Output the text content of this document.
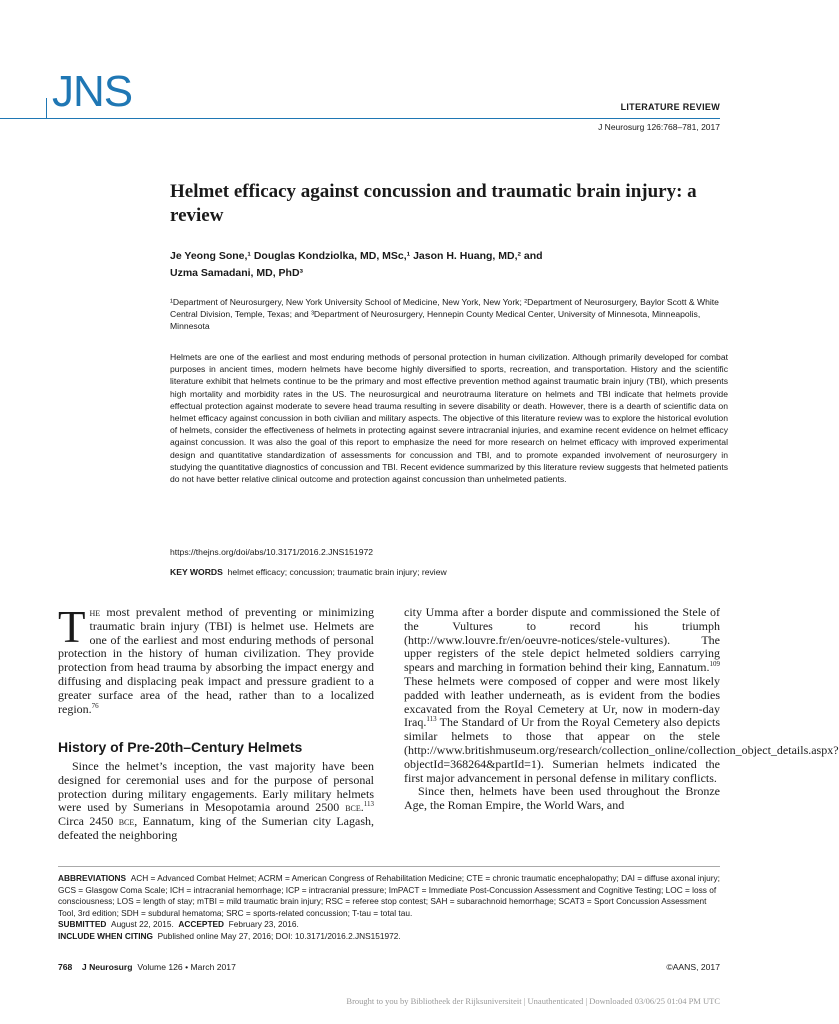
JNS	LITERATURE REVIEW
J Neurosurg 126:768–781, 2017
Helmet efficacy against concussion and traumatic brain injury: a review
Je Yeong Sone,¹ Douglas Kondziolka, MD, MSc,¹ Jason H. Huang, MD,² and
Uzma Samadani, MD, PhD³
¹Department of Neurosurgery, New York University School of Medicine, New York, New York; ²Department of Neurosurgery, Baylor Scott & White Central Division, Temple, Texas; and ³Department of Neurosurgery, Hennepin County Medical Center, University of Minnesota, Minneapolis, Minnesota
Helmets are one of the earliest and most enduring methods of personal protection in human civilization. Although primarily developed for combat purposes in ancient times, modern helmets have become highly diversified to sports, recreation, and transportation. History and the scientific literature exhibit that helmets continue to be the primary and most effective prevention method against traumatic brain injury (TBI), which presents high mortality and morbidity rates in the US. The neurosurgical and neurotrauma literature on helmets and TBI indicate that helmets provide effectual protection against moderate to severe head trauma resulting in severe disability or death. However, there is a dearth of scientific data on helmet efficacy against concussion in both civilian and military aspects. The objective of this literature review was to explore the historical evolution of helmets, consider the effectiveness of helmets in protecting against severe intracranial injuries, and examine recent evidence on helmet efficacy against concussion. It was also the goal of this report to emphasize the need for more research on helmet efficacy with improved experimental design and quantitative standardization of assessments for concussion and TBI, and to promote expanded involvement of neurosurgery in studying the quantitative diagnostics of concussion and TBI. Recent evidence summarized by this literature review suggests that helmeted patients do not have better relative clinical outcome and protection against concussion than unhelmeted patients.
https://thejns.org/doi/abs/10.3171/2016.2.JNS151972
KEY WORDS helmet efficacy; concussion; traumatic brain injury; review
The most prevalent method of preventing or minimizing traumatic brain injury (TBI) is helmet use. Helmets are one of the earliest and most enduring methods of personal protection in the history of human civilization. They provide protection from head trauma by absorbing the impact energy and diffusing and displacing peak impact and pressure gradient to a greater surface area of the head, rather than to a localized region.$^{76}$
History of Pre-20th–Century Helmets
Since the helmet’s inception, the vast majority have been designed for ceremonial uses and for the purpose of personal protection during military engagements. Early military helmets were used by Sumerians in Mesopotamia around 2500 bce.$^{113}$ Circa 2450 bce, Eannatum, king of the Sumerian city Lagash, defeated the neighboring

city Umma after a border dispute and commissioned the Stele of the Vultures to record his triumph (http://www.louvre.fr/en/oeuvre-notices/stele-vultures). The upper registers of the stele depict helmeted soldiers carrying spears and marching in formation behind their king, Eannatum.$^{109}$ These helmets were composed of copper and were most likely padded with leather underneath, as is evident from the bodies excavated from the Royal Cemetery at Ur, now in modern-day Iraq.$^{113}$ The Standard of Ur from the Royal Cemetery also depicts similar helmets to those that appear on the stele (http://www.britishmuseum.org/research/collection_online/collection_object_details.aspx?objectId=368264&partId=1). Sumerian helmets indicated the first major advancement in personal defense in military conflicts.

Since then, helmets have been used throughout the Bronze Age, the Roman Empire, the World Wars, and

ABBREVIATIONS ACH = Advanced Combat Helmet; ACRM = American Congress of Rehabilitation Medicine; CTE = chronic traumatic encephalopathy; DAI = diffuse axonal injury; GCS = Glasgow Coma Scale; ICH = intracranial hemorrhage; ICP = intracranial pressure; ImPACT = Immediate Post-Concussion Assessment and Cognitive Testing; LOC = loss of consciousness; LOS = length of stay; mTBI = mild traumatic brain injury; RSC = referee stop contest; SAH = subarachnoid hemorrhage; SCAT3 = Sport Concussion Assessment Tool, 3rd edition; SDH = subdural hematoma; SRC = sports-related concussion; T-tau = total tau.
SUBMITTED August 22, 2015. ACCEPTED February 23, 2016.
INCLUDE WHEN CITING Published online May 27, 2016; DOI: 10.3171/2016.2.JNS151972.
768 J Neurosurg Volume 126 • March 2017	©AANS, 2017
Brought to you by Bibliotheek der Rijksuniversiteit | Unauthenticated | Downloaded 03/06/25 01:04 PM UTC
